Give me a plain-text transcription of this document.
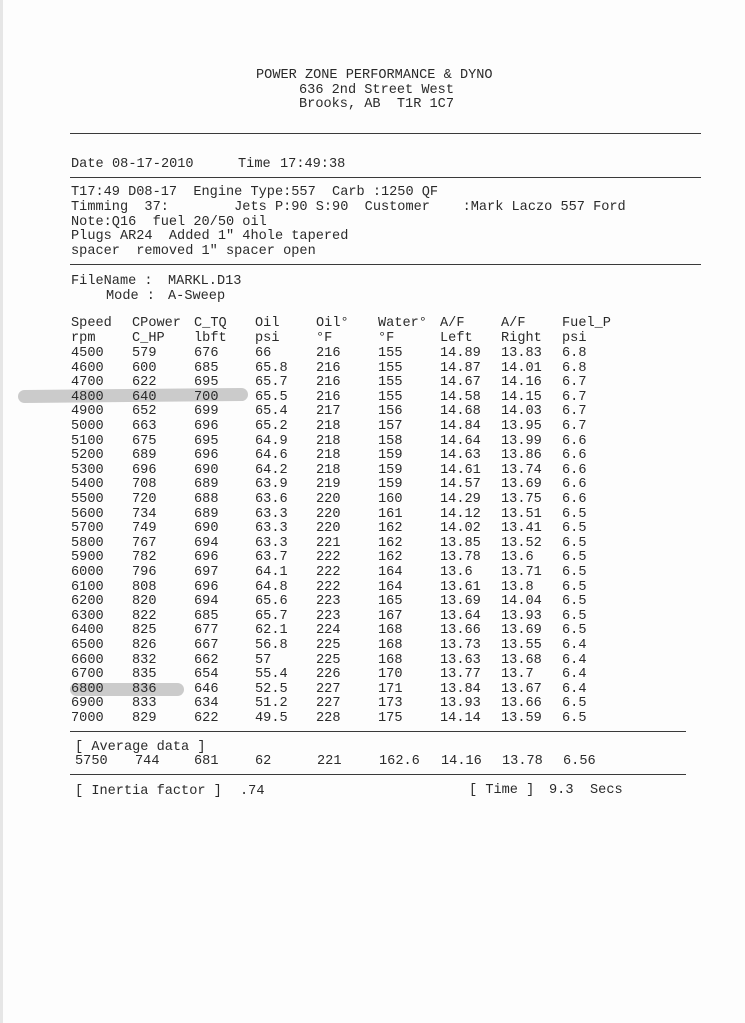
POWER ZONE PERFORMANCE & DYNO
636 2nd Street West
Brooks, AB  T1R 1C7
Date 08-17-2010	Time 17:49:38
T17:49 D08-17  Engine Type:557  Carb :1250 QF
Timming  37:        Jets P:90 S:90  Customer    :Mark Laczo 557 Ford
Note:Q16  fuel 20/50 oil
Plugs AR24  Added 1" 4hole tapered
spacer  removed 1" spacer open
FileName : MARKL.D13
Mode : A-Sweep
Speed CPower C_TQ Oil	Oil° Water° A/F	A/F	Fuel_P
rpm	C_HP lbft psi	°F	°F	Left Right psi
4500 579	676	66	216	155	14.89 13.83 6.8
4600 600	685	65.8 216	155	14.87 14.01 6.8
4700 622	695	65.7 216	155	14.67 14.16 6.7
4800 640	700	65.5 216	155	14.58 14.15 6.7
4900 652	699	65.4 217	156	14.68 14.03 6.7
5000 663	696	65.2 218	157	14.84 13.95 6.7
5100 675	695	64.9 218	158	14.64 13.99 6.6
5200 689	696	64.6 218	159	14.63 13.86 6.6
5300 696	690	64.2 218	159	14.61 13.74 6.6
5400 708	689	63.9 219	159	14.57 13.69 6.6
5500 720	688	63.6 220	160	14.29 13.75 6.6
5600 734	689	63.3 220	161	14.12 13.51 6.5
5700 749	690	63.3 220	162	14.02 13.41 6.5
5800 767	694	63.3 221	162	13.85 13.52 6.5
5900 782	696	63.7 222	162	13.78 13.6 6.5
6000 796	697	64.1 222	164	13.6 13.71 6.5
6100 808	696	64.8 222	164	13.61 13.8 6.5
6200 820	694	65.6 223	165	13.69 14.04 6.5
6300 822	685	65.7 223	167	13.64 13.93 6.5
6400 825	677	62.1 224	168	13.66 13.69 6.5
6500 826	667	56.8 225	168	13.73 13.55 6.4
6600 832	662	57	225	168	13.63 13.68 6.4
6700 835	654	55.4 226	170	13.77 13.7 6.4
6800 836	646	52.5 227	171	13.84 13.67 6.4
6900 833	634	51.2 227	173	13.93 13.66 6.5
7000 829	622	49.5 228	175	14.14 13.59 6.5
[ Average data ]
5750 744	681	62	221	162.6 14.16 13.78 6.56
[ Inertia factor ] .74	[ Time ] 9.3 Secs
